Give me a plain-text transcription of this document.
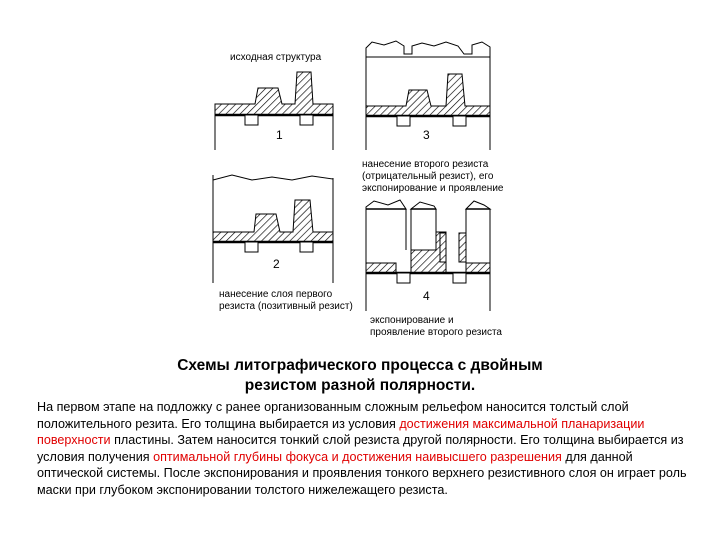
исходная структура
1
2
нанесение слоя первого
резиста (позитивный резист)
3
нанесение второго резиста
(отрицательный резист), его
экспонирование и проявление
4
экспонирование и
проявление второго резиста
Схемы литографического процесса с двойным
резистом разной полярности.
На первом этапе на подложку с ранее организованным сложным рельефом наносится толстый слой положительного резита. Его толщина выбирается из условия достижения максимальной планаризации поверхности пластины. Затем наносится тонкий слой резиста другой полярности. Его толщина выбирается из условия получения оптимальной глубины фокуса и достижения наивысшего разрешения для данной оптической системы. После экспонирования и проявления тонкого верхнего резистивного слоя он играет роль маски при глубоком экспонировании толстого нижележащего резиста.
